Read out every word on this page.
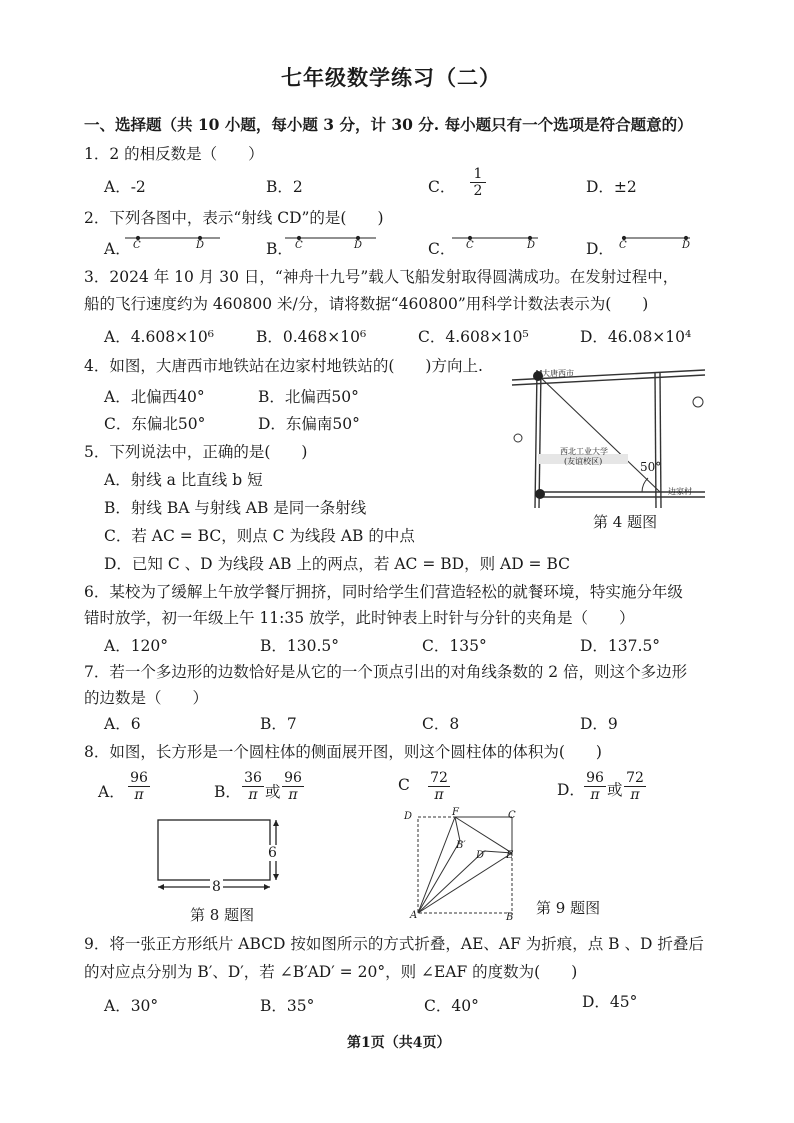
七年级数学练习（二）
一、选择题（共 10 小题，每小题 3 分，计 30 分. 每小题只有一个选项是符合题意的）
1．2 的相反数是（　　）
A．-2	B．2	C． $\frac{1}{2}$	D．±2
2．下列各图中，表示“射线 CD”的是(　　)
A．	B．	C．	D．
C	D	C	D	C	D	C	D
3．2024 年 10 月 30 日，“神舟十九号”载人飞船发射取得圆满成功。在发射过程中，
船的飞行速度约为 460800 米/分，请将数据“460800”用科学计数法表示为(　　)
A．4.608×10⁶	B．0.468×10⁶	C．4.608×10⁵	D．46.08×10⁴
4．如图，大唐西市地铁站在边家村地铁站的(　　)方向上.
A．北偏西40°	B．北偏西50°
C．东偏北50°	D．东偏南50°
大唐西市
西北工业大学
(友谊校区)	50°
边家村
第 4 题图
5．下列说法中，正确的是(　　)
A．射线 a 比直线 b 短
B．射线 BA 与射线 AB 是同一条射线
C．若 AC = BC，则点 C 为线段 AB 的中点
D．已知 C 、D 为线段 AB 上的两点，若 AC = BD，则 AD = BC
6．某校为了缓解上午放学餐厅拥挤，同时给学生们营造轻松的就餐环境，特实施分年级
错时放学，初一年级上午 11:35 放学，此时钟表上时针与分针的夹角是（　　）
A．120°	B．130.5°	C．135°	D．137.5°
7．若一个多边形的边数恰好是从它的一个顶点引出的对角线条数的 2 倍，则这个多边形
的边数是（　　）
A．6	B．7	C．8	D．9
8．如图，长方形是一个圆柱体的侧面展开图，则这个圆柱体的体积为(　　)
A． $\frac{96}{\pi}$	B． $\frac{36}{\pi}$ 或 $\frac{96}{\pi}$	C $\frac{72}{\pi}$	D． $\frac{96}{\pi}$ 或 $\frac{72}{\pi}$
6
8
第 8 题图
D	F	C
B′
D′ E
A	B
第 9 题图
9．将一张正方形纸片 ABCD 按如图所示的方式折叠，AE、AF 为折痕，点 B 、D 折叠后
的对应点分别为 B′、D′，若 ∠B′AD′ = 20°，则 ∠EAF 的度数为(　　)
A．30°	B．35°	C．40°	D．45°
第1页（共4页）
